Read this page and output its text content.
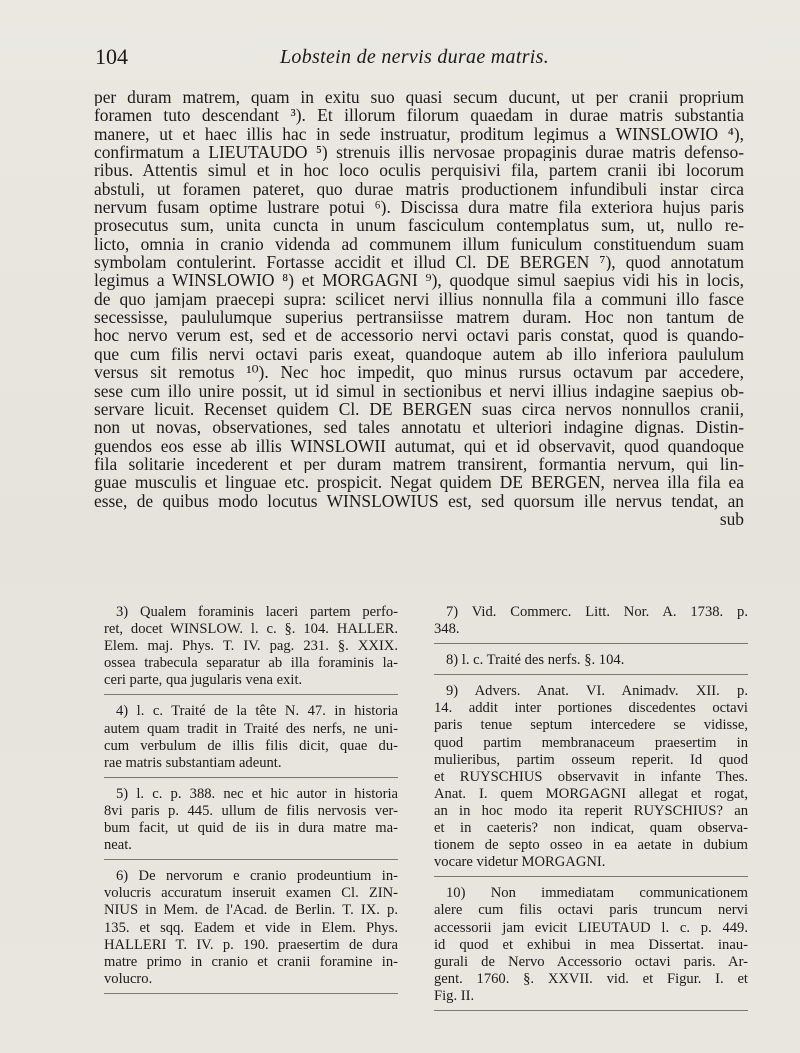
104	Lobstein de nervis durae matris.
per duram matrem, quam in exitu suo quasi secum ducunt, ut per cranii proprium
foramen tuto descendant ³). Et illorum filorum quaedam in durae matris substantia
manere, ut et haec illis hac in sede instruatur, proditum legimus a WINSLOWIO ⁴),
confirmatum a LIEUTAUDO ⁵) strenuis illis nervosae propaginis durae matris defenso-
ribus. Attentis simul et in hoc loco oculis perquisivi fila, partem cranii ibi locorum
abstuli, ut foramen pateret, quo durae matris productionem infundibuli instar circa
nervum fusam optime lustrare potui ⁶). Discissa dura matre fila exteriora hujus paris
prosecutus sum, unita cuncta in unum fasciculum contemplatus sum, ut, nullo re-
licto, omnia in cranio videnda ad communem illum funiculum constituendum suam
symbolam contulerint. Fortasse accidit et illud Cl. DE BERGEN ⁷), quod annotatum
legimus a WINSLOWIO ⁸) et MORGAGNI ⁹), quodque simul saepius vidi his in locis,
de quo jamjam praecepi supra: scilicet nervi illius nonnulla fila a communi illo fasce
secessisse, paululumque superius pertransiisse matrem duram. Hoc non tantum de
hoc nervo verum est, sed et de accessorio nervi octavi paris constat, quod is quando-
que cum filis nervi octavi paris exeat, quandoque autem ab illo inferiora paululum
versus sit remotus ¹⁰). Nec hoc impedit, quo minus rursus octavum par accedere,
sese cum illo unire possit, ut id simul in sectionibus et nervi illius indagine saepius ob-
servare licuit. Recenset quidem Cl. DE BERGEN suas circa nervos nonnullos cranii,
non ut novas, observationes, sed tales annotatu et ulteriori indagine dignas. Distin-
guendos eos esse ab illis WINSLOWII autumat, qui et id observavit, quod quandoque
fila solitarie incederent et per duram matrem transirent, formantia nervum, qui lin-
guae musculis et linguae etc. prospicit. Negat quidem DE BERGEN, nervea illa fila ea
esse, de quibus modo locutus WINSLOWIUS est, sed quorsum ille nervus tendat, an
sub
3) Qualem foraminis laceri partem perfo-
ret, docet WINSLOW. l. c. §. 104. HALLER.
Elem. maj. Phys. T. IV. pag. 231. §. XXIX.
ossea trabecula separatur ab illa foraminis la-
ceri parte, qua jugularis vena exit.
4) l. c. Traité de la tête N. 47. in historia
autem quam tradit in Traité des nerfs, ne uni-
cum verbulum de illis filis dicit, quae du-
rae matris substantiam adeunt.
5) l. c. p. 388. nec et hic autor in historia
8vi paris p. 445. ullum de filis nervosis ver-
bum facit, ut quid de iis in dura matre ma-
neat.
6) De nervorum e cranio prodeuntium in-
volucris accuratum inseruit examen Cl. ZIN-
NIUS in Mem. de l'Acad. de Berlin. T. IX. p.
135. et sqq. Eadem et vide in Elem. Phys.
HALLERI T. IV. p. 190. praesertim de dura
matre primo in cranio et cranii foramine in-
volucro.
7) Vid. Commerc. Litt. Nor. A. 1738. p.
348.
8) l. c. Traité des nerfs. §. 104.
9) Advers. Anat. VI. Animadv. XII. p.
14. addit inter portiones discedentes octavi
paris tenue septum intercedere se vidisse,
quod partim membranaceum praesertim in
mulieribus, partim osseum reperit. Id quod
et RUYSCHIUS observavit in infante Thes.
Anat. I. quem MORGAGNI allegat et rogat,
an in hoc modo ita reperit RUYSCHIUS? an
et in caeteris? non indicat, quam observa-
tionem de septo osseo in ea aetate in dubium
vocare videtur MORGAGNI.
10) Non immediatam communicationem
alere cum filis octavi paris truncum nervi
accessorii jam evicit LIEUTAUD l. c. p. 449.
id quod et exhibui in mea Dissertat. inau-
gurali de Nervo Accessorio octavi paris. Ar-
gent. 1760. §. XXVII. vid. et Figur. I. et
Fig. II.
